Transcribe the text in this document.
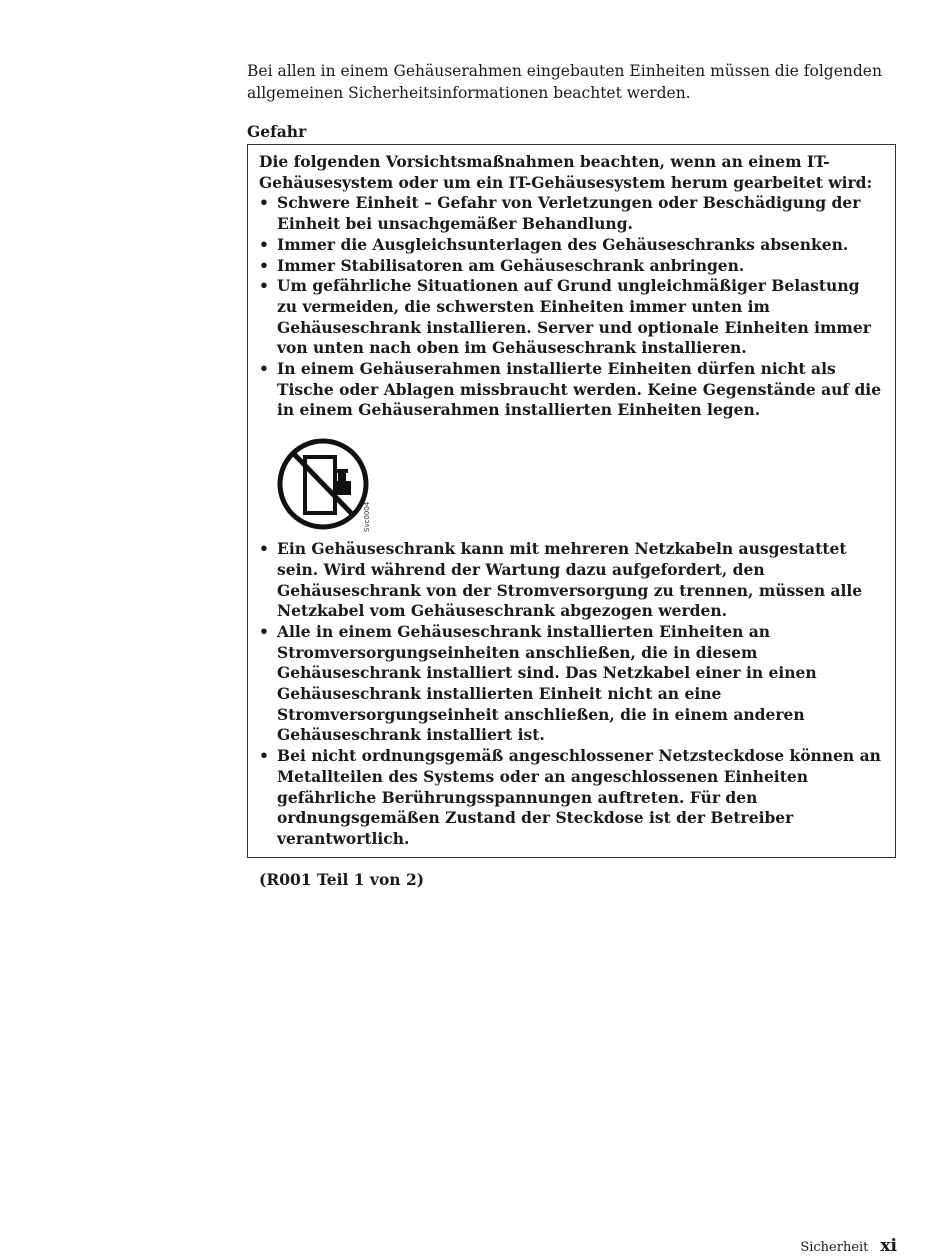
Bei allen in einem Gehäuserahmen eingebauten Einheiten müssen die folgenden allgemeinen Sicherheitsinformationen beachtet werden.

Gefahr

Die folgenden Vorsichtsmaßnahmen beachten, wenn an einem IT-Gehäusesystem oder um ein IT-Gehäusesystem herum gearbeitet wird:

• Schwere Einheit – Gefahr von Verletzungen oder Beschädigung der Einheit bei unsachgemäßer Behandlung.
• Immer die Ausgleichsunterlagen des Gehäuseschranks absenken.
• Immer Stabilisatoren am Gehäuseschrank anbringen.
• Um gefährliche Situationen auf Grund ungleichmäßiger Belastung zu vermeiden, die schwersten Einheiten immer unten im Gehäuseschrank installieren. Server und optionale Einheiten immer von unten nach oben im Gehäuseschrank installieren.
• In einem Gehäuserahmen installierte Einheiten dürfen nicht als Tische oder Ablagen missbraucht werden. Keine Gegenstände auf die in einem Gehäuserahmen installierten Einheiten legen.
Svc0004
• Ein Gehäuseschrank kann mit mehreren Netzkabeln ausgestattet sein. Wird während der Wartung dazu aufgefordert, den Gehäuseschrank von der Stromversorgung zu trennen, müssen alle Netzkabel vom Gehäuseschrank abgezogen werden.
• Alle in einem Gehäuseschrank installierten Einheiten an Stromversorgungseinheiten anschließen, die in diesem Gehäuseschrank installiert sind. Das Netzkabel einer in einen Gehäuseschrank installierten Einheit nicht an eine Stromversorgungseinheit anschließen, die in einem anderen Gehäuseschrank installiert ist.
• Bei nicht ordnungsgemäß angeschlossener Netzsteckdose können an Metallteilen des Systems oder an angeschlossenen Einheiten gefährliche Berührungsspannungen auftreten. Für den ordnungsgemäßen Zustand der Steckdose ist der Betreiber verantwortlich.

(R001 Teil 1 von 2)

Sicherheit xi
